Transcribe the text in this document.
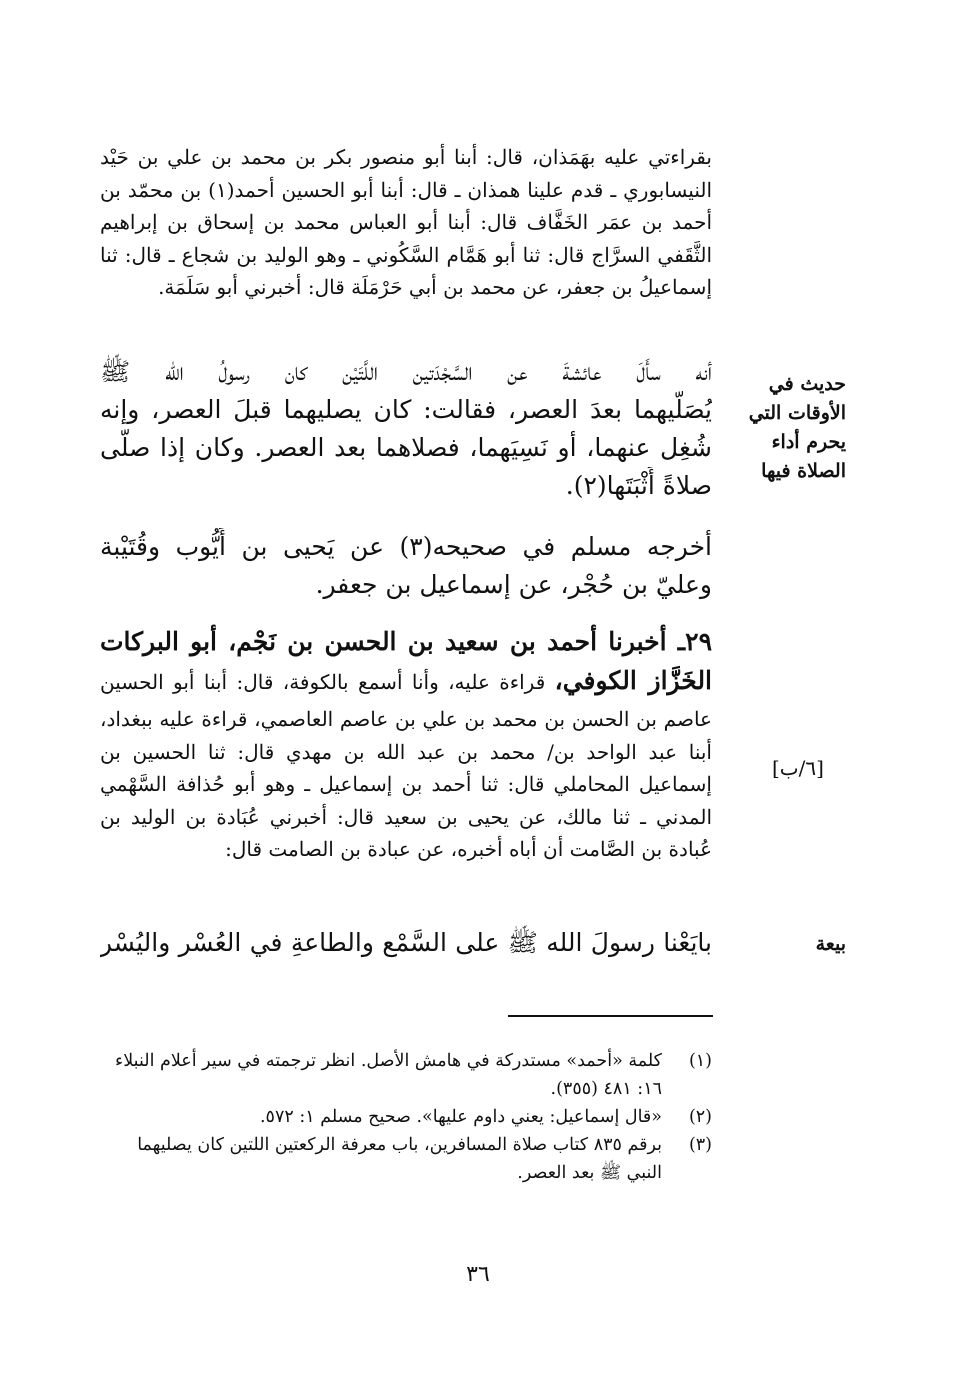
بقراءتي عليه بهَمَذان، قال: أبنا أبو منصور بكر بن محمد بن علي بن حَيْد
النيسابوري ـ قدم علينا همذان ـ قال: أبنا أبو الحسين أحمد(١) بن محمّد بن
أحمد بن عمَر الخَفَّاف قال: أبنا أبو العباس محمد بن إسحاق بن إبراهيم
الثَّقَفي السرَّاج قال: ثنا أبو هَمَّام السَّكُوني ـ وهو الوليد بن شجاع ـ قال: ثنا
إسماعيلُ بن جعفر، عن محمد بن أبي حَرْمَلَة قال: أخبرني أبو سَلَمَة.
حديث في
الأوقات التي
يحرم أداء
الصلاة فيها
أنه سأَلَ عائشةَ عن السَّجْدَتين اللَّتَيْن كان رسولُ الله ﷺ
يُصَلّيهما بعدَ العصر، فقالت: كان يصليهما قبلَ العصر، وإنه
شُغِل عنهما، أو نَسِيَهما، فصلاهما بعد العصر. وكان إذا صلّى
صلاةً أَثْبَتَها(٢).
أخرجه مسلم في صحيحه(٣) عن يَحيى بن أَيُّوب وقُتَيْبة
وعليّ بن حُجْر، عن إسماعيل بن جعفر.
٢٩ـ أخبرنا أحمد بن سعيد بن الحسن بن نَجْم، أبو البركات
الخَزَّاز الكوفي، قراءة عليه، وأنا أسمع بالكوفة، قال: أبنا أبو الحسين
عاصم بن الحسن بن محمد بن علي بن عاصم العاصمي، قراءة عليه ببغداد،
أبنا عبد الواحد بن/ محمد بن عبد الله بن مهدي قال: ثنا الحسين بن
إسماعيل المحاملي قال: ثنا أحمد بن إسماعيل ـ وهو أبو حُذافة السَّهْمي
المدني ـ ثنا مالك، عن يحيى بن سعيد قال: أخبرني عُبَادة بن الوليد بن
عُبادة بن الصَّامت أن أباه أخبره، عن عبادة بن الصامت قال:
[٦/ب]
بيعة
بايَعْنا رسولَ الله ﷺ على السَّمْع والطاعةِ في العُسْر واليُسْر
(١)
كلمة «أحمد» مستدركة في هامش الأصل. انظر ترجمته في سير أعلام النبلاء
١٦: ٤٨١ (٣٥٥).
(٢)
«قال إسماعيل: يعني داوم عليها». صحيح مسلم ١: ٥٧٢.
(٣)
برقم ٨٣٥ كتاب صلاة المسافرين، باب معرفة الركعتين اللتين كان يصليهما
النبي ﷺ بعد العصر.
٣٦
